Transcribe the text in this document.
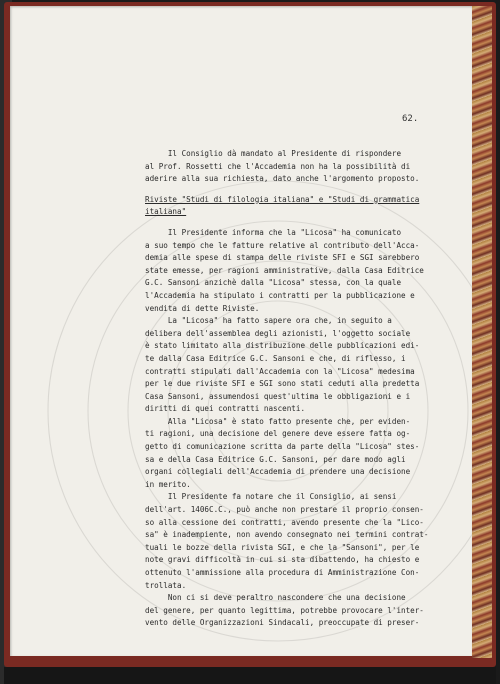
62.
Il Consiglio dà mandato al Presidente di rispondere
al Prof. Rossetti che l'Accademia non ha la possibilità di
aderire alla sua richiesta, dato anche l'argomento proposto.
Riviste "Studi di filologia italiana" e "Studi di grammatica
italiana"
Il Presidente informa che la "Licosa" ha comunicato
a suo tempo che le fatture relative al contributo dell'Acca-
demia alle spese di stampa delle riviste SFI e SGI sarebbero
state emesse, per ragioni amministrative, dalla Casa Editrice
G.C. Sansoni anzichè dalla "Licosa" stessa, con la quale
l'Accademia ha stipulato i contratti per la pubblicazione e
vendita di dette Riviste.
La "Licosa" ha fatto sapere ora che, in seguito a
delibera dell'assemblea degli azionisti, l'oggetto sociale
è stato limitato alla distribuzione delle pubblicazioni edi-
te dalla Casa Editrice G.C. Sansoni e che, di riflesso, i
contratti stipulati dall'Accademia con la "Licosa" medesima
per le due riviste SFI e SGI sono stati ceduti alla predetta
Casa Sansoni, assumendosi quest'ultima le obbligazioni e i
diritti di quei contratti nascenti.
Alla "Licosa" è stato fatto presente che, per eviden-
ti ragioni, una decisione del genere deve essere fatta og-
getto di comunicazione scritta da parte della "Licosa" stes-
sa e della Casa Editrice G.C. Sansoni, per dare modo agli
organi collegiali dell'Accademia di prendere una decisione
in merito.
Il Presidente fa notare che il Consiglio, ai sensi
dell'art. 1406C.C., può anche non prestare il proprio consen-
so alla cessione dei contratti, avendo presente che la "Lico-
sa" è inadempiente, non avendo consegnato nei termini contrat-
tuali le bozze della rivista SGI, e che la "Sansoni", per le
note gravi difficoltà in cui si sta dibattendo, ha chiesto e
ottenuto l'ammissione alla procedura di Amministrazione Con-
trollata.
Non ci si deve peraltro nascondere che una decisione
del genere, per quanto legittima, potrebbe provocare l'inter-
vento delle Organizzazioni Sindacali, preoccupate di preser-
